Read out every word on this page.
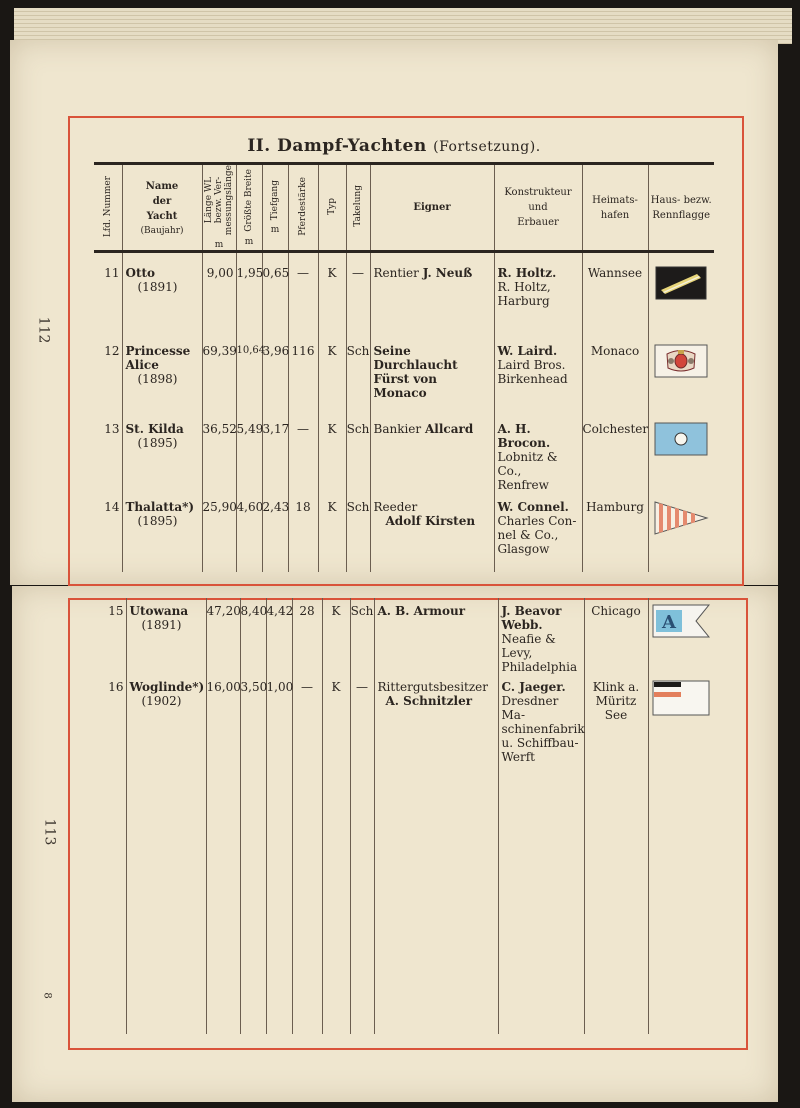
112
II. Dampf-Yachten (Fortsetzung).
Lfd. Nummer	Name
der
Yacht
(Baujahr)	Länge WL
bezw. Ver-
messungslänge
m	Größte Breite
m	Tiefgang
m	Pferdestärke	Typ	Takelung	Eigner	Konstrukteur
und
Erbauer	Heimats-
hafen	Haus- bezw.
Rennflagge

11	Otto
(1891)	9,00	1,95	0,65	—	K	—	Rentier J. Neuß	R. Holtz.
R. Holtz,
Harburg	Wannsee	
12	Princesse Alice
(1898)	69,39	10,64	3,96	116	K	Sch	Seine Durchlaucht
Fürst von Monaco	W. Laird.
Laird Bros.
Birkenhead	Monaco	
13	St. Kilda
(1895)	36,52	5,49	3,17	—	K	Sch	Bankier Allcard	A. H. Brocon.
Lobnitz & Co.,
Renfrew	Colchester	
14	Thalatta*)
(1895)	25,90	4,60	2,43	18	K	Sch	Reeder
Adolf Kirsten	W. Connel.
Charles Con-
nel & Co.,
Glasgow	Hamburg	
113
8
15	Utowana
(1891)	47,20	8,40	4,42	28	K	Sch	A. B. Armour	J. Beavor Webb.
Neafie & Levy,
Philadelphia	Chicago	A

16	Woglinde*)
(1902)	16,00	3,50	1,00	—	K	—	Rittergutsbesitzer
A. Schnitzler	C. Jaeger.
Dresdner Ma-
schinenfabrik
u. Schiffbau-
Werft	Klink a.
Müritz See	
